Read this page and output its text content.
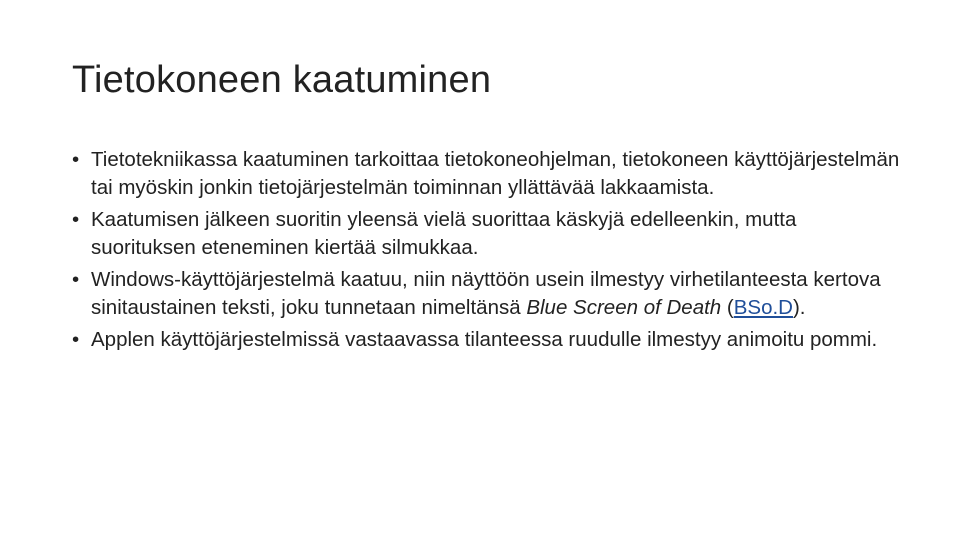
Tietokoneen kaatuminen
• Tietotekniikassa kaatuminen tarkoittaa tietokoneohjelman, tietokoneen käyttöjärjestelmän tai myöskin jonkin tietojärjestelmän toiminnan yllättävää lakkaamista.
• Kaatumisen jälkeen suoritin yleensä vielä suorittaa käskyjä edelleenkin, mutta suorituksen eteneminen kiertää silmukkaa.
• Windows-käyttöjärjestelmä kaatuu, niin näyttöön usein ilmestyy virhetilanteesta kertova sinitaustainen teksti, joku tunnetaan nimeltänsä Blue Screen of Death (BSo.D).
• Applen käyttöjärjestelmissä vastaavassa tilanteessa ruudulle ilmestyy animoitu pommi.
